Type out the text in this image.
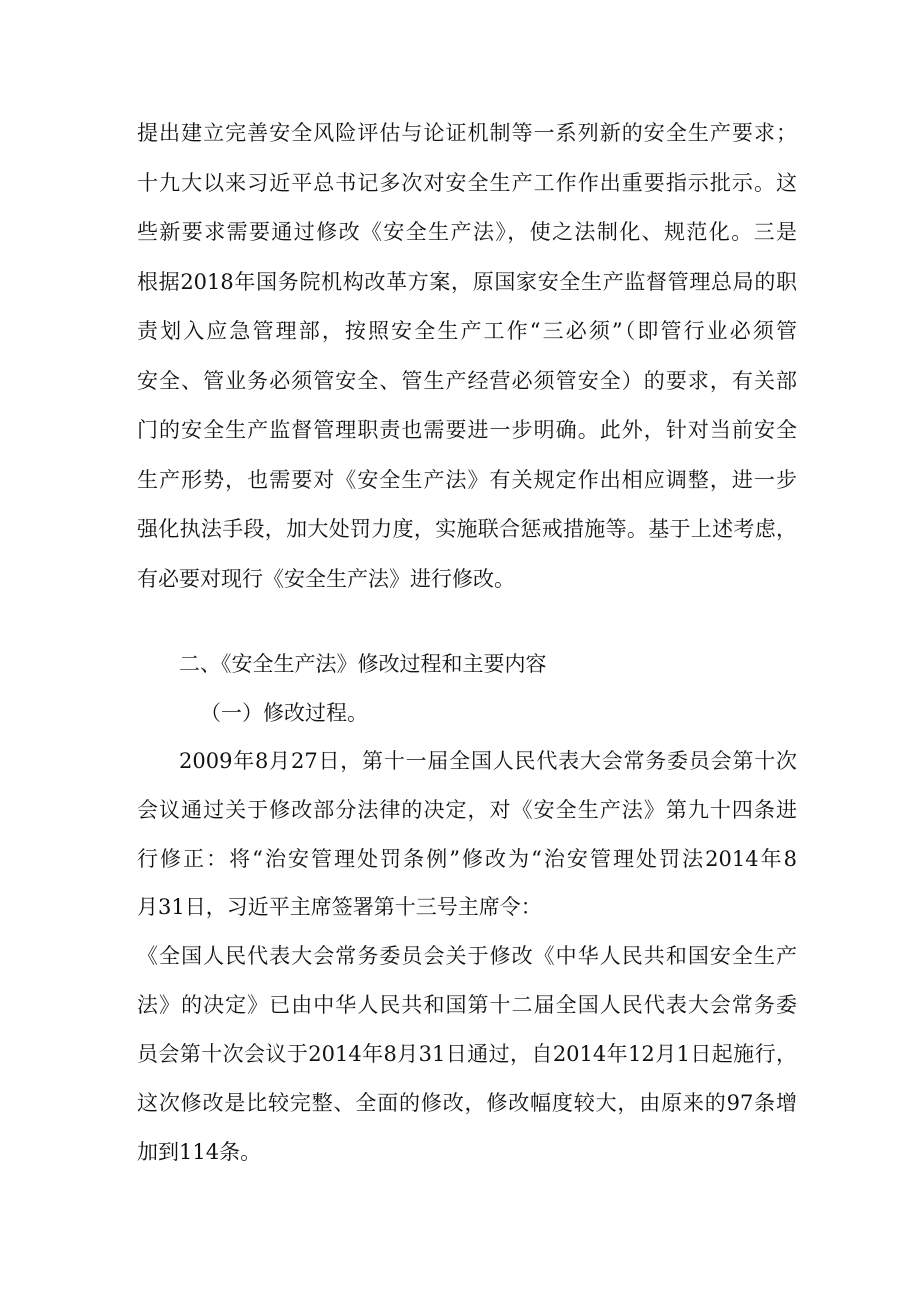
提出建立完善安全风险评估与论证机制等一系列新的安全生产要求；
十九大以来习近平总书记多次对安全生产工作作出重要指示批示。这
些新要求需要通过修改《安全生产法》，使之法制化、规范化。三是
根据2018年国务院机构改革方案，原国家安全生产监督管理总局的职
责划入应急管理部，按照安全生产工作“三必须”（即管行业必须管
安全、管业务必须管安全、管生产经营必须管安全）的要求，有关部
门的安全生产监督管理职责也需要进一步明确。此外，针对当前安全
生产形势，也需要对《安全生产法》有关规定作出相应调整，进一步
强化执法手段，加大处罚力度，实施联合惩戒措施等。基于上述考虑，
有必要对现行《安全生产法》进行修改。
二、《安全生产法》修改过程和主要内容
（一）修改过程。
2009年8月27日，第十一届全国人民代表大会常务委员会第十次
会议通过关于修改部分法律的决定，对《安全生产法》第九十四条进
行修正：将“治安管理处罚条例”修改为“治安管理处罚法2014年8
月31日，习近平主席签署第十三号主席令：
《全国人民代表大会常务委员会关于修改《中华人民共和国安全生产
法》的决定》已由中华人民共和国第十二届全国人民代表大会常务委
员会第十次会议于2014年8月31日通过，自2014年12月1日起施行，
这次修改是比较完整、全面的修改，修改幅度较大，由原来的97条增
加到114条。
